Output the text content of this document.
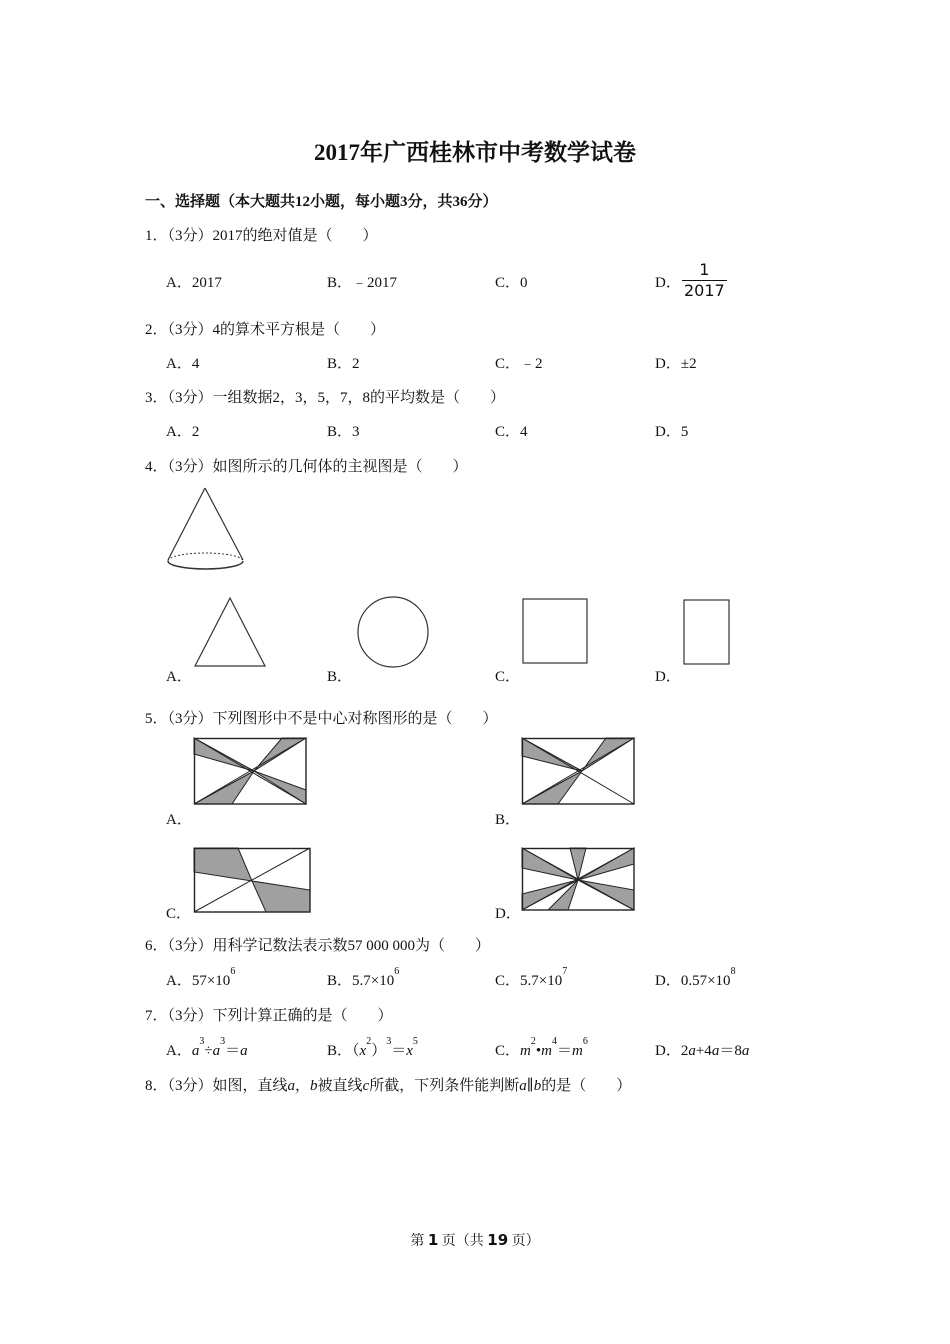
2017年广西桂林市中考数学试卷
一、选择题（本大题共12小题，每小题3分，共36分）
1．（3分）2017的绝对值是（　　）
A．2017	B．﹣2017	C．0	D． $\frac{1}{2017}$
2．（3分）4的算术平方根是（　　）
A．4	B．2	C．﹣2	D．±2
3．（3分）一组数据2，3，5，7，8的平均数是（　　）
A．2	B．3	C．4	D．5
4．（3分）如图所示的几何体的主视图是（　　）
A．	B．	C．	D．
5．（3分）下列图形中不是中心对称图形的是（　　）
A．	B．
C．	D．
6．（3分）用科学记数法表示数57 000 000为（　　）
A．$57\times 10^6$
B．$5.7\times 10^6$
C．$5.7\times 10^7$
D．$0.57\times 10^8$
7．（3分）下列计算正确的是（　　）
A．$a^3\div a^3=a$	B．$(x^2)^3=x^5$
C．$m^2•m^4=m^6$
D．2a+4a＝8a
8．（3分）如图，直线a，b被直线c所截，下列条件能判断a∥b的是（　　）
第 1 页（共 19 页）
